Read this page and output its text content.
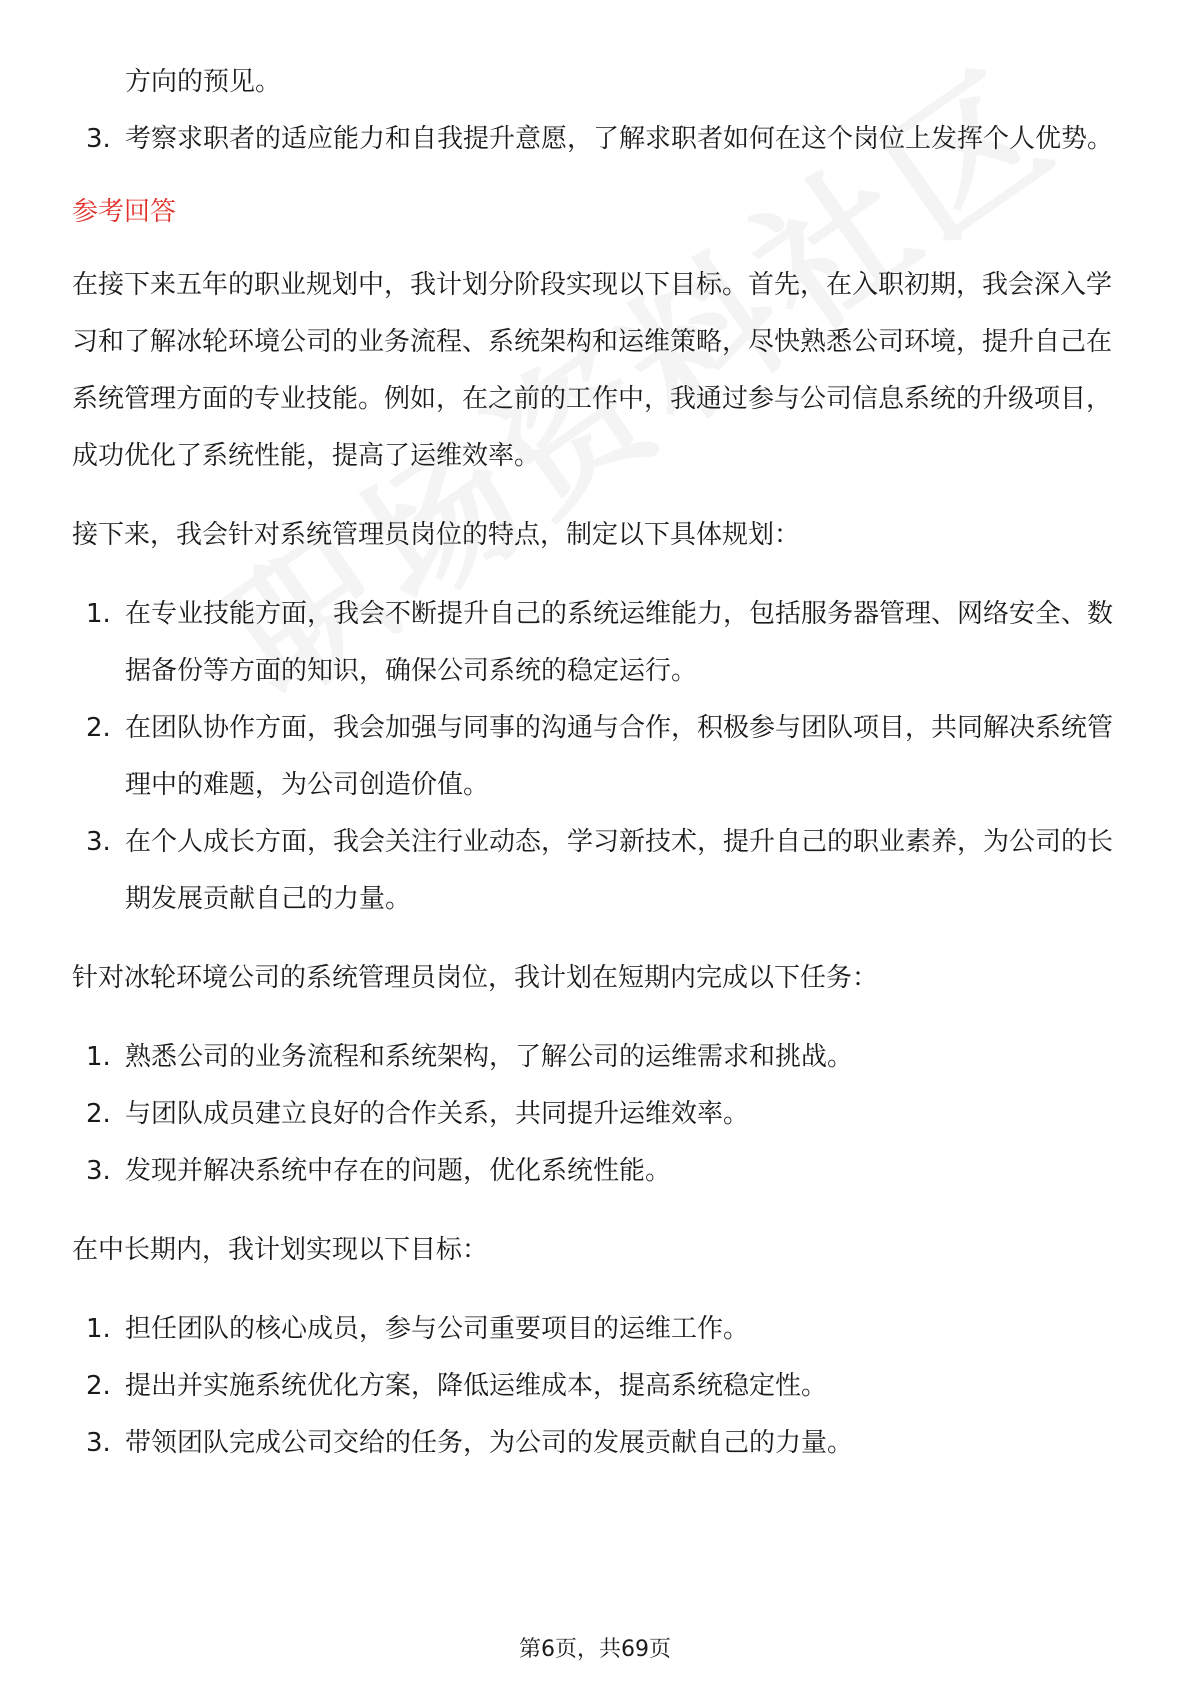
方向的预见。
3. 考察求职者的适应能力和自我提升意愿，了解求职者如何在这个岗位上发挥个人优势。

参考回答

在接下来五年的职业规划中，我计划分阶段实现以下目标。首先，在入职初期，我会深入学习和了解冰轮环境公司的业务流程、系统架构和运维策略，尽快熟悉公司环境，提升自己在系统管理方面的专业技能。例如，在之前的工作中，我通过参与公司信息系统的升级项目，成功优化了系统性能，提高了运维效率。

接下来，我会针对系统管理员岗位的特点，制定以下具体规划：

1. 在专业技能方面，我会不断提升自己的系统运维能力，包括服务器管理、网络安全、数据备份等方面的知识，确保公司系统的稳定运行。
2. 在团队协作方面，我会加强与同事的沟通与合作，积极参与团队项目，共同解决系统管理中的难题，为公司创造价值。
3. 在个人成长方面，我会关注行业动态，学习新技术，提升自己的职业素养，为公司的长期发展贡献自己的力量。

针对冰轮环境公司的系统管理员岗位，我计划在短期内完成以下任务：

1. 熟悉公司的业务流程和系统架构，了解公司的运维需求和挑战。
2. 与团队成员建立良好的合作关系，共同提升运维效率。
3. 发现并解决系统中存在的问题，优化系统性能。

在中长期内，我计划实现以下目标：

1. 担任团队的核心成员，参与公司重要项目的运维工作。
2. 提出并实施系统优化方案，降低运维成本，提高系统稳定性。
3. 带领团队完成公司交给的任务，为公司的发展贡献自己的力量。
第6页，共69页
